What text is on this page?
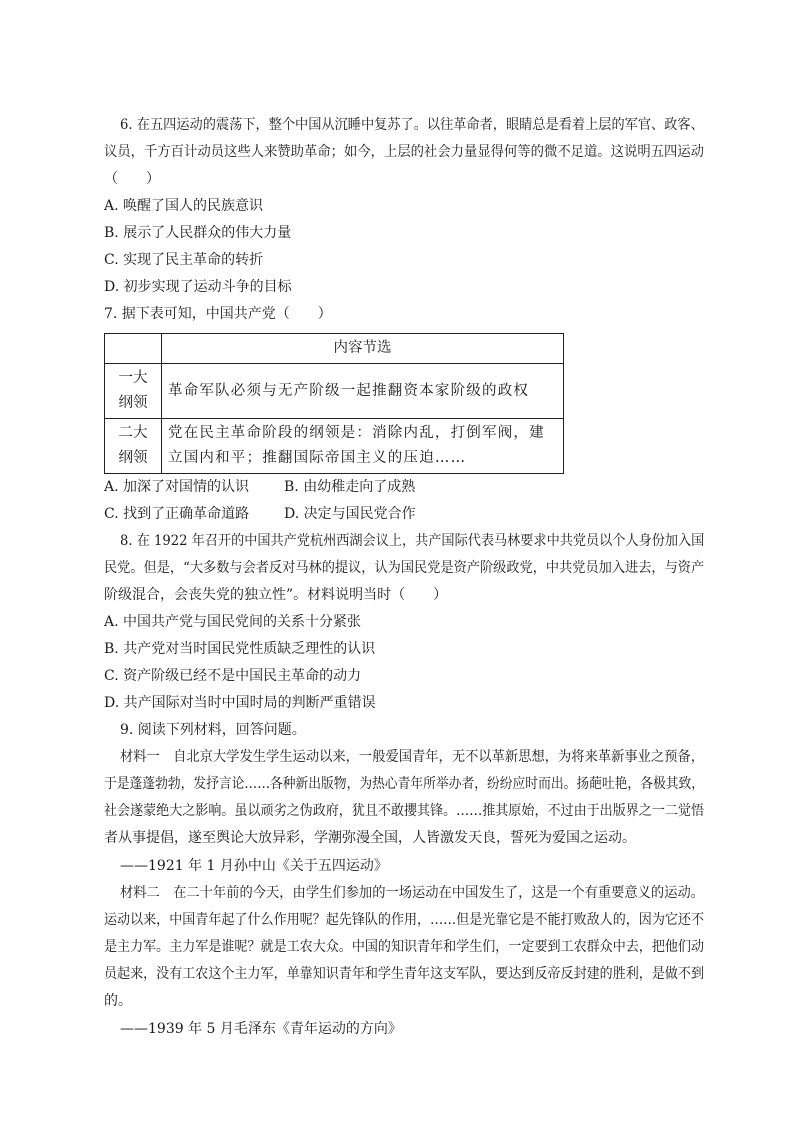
6. 在五四运动的震荡下，整个中国从沉睡中复苏了。以往革命者，眼睛总是看着上层的军官、政客、
议员，千方百计动员这些人来赞助革命；如今，上层的社会力量显得何等的微不足道。这说明五四运动
（　　）
A. 唤醒了国人的民族意识
B. 展示了人民群众的伟大力量
C. 实现了民主革命的转折
D. 初步实现了运动斗争的目标
7. 据下表可知，中国共产党（　　）
	内容节选
一大
纲领	革命军队必须与无产阶级一起推翻资本家阶级的政权
二大
纲领	党在民主革命阶段的纲领是：消除内乱，打倒军阀，建立国内和平；推翻国际帝国主义的压迫……
A. 加深了对国情的认识 B. 由幼稚走向了成熟
C. 找到了正确革命道路 D. 决定与国民党合作
8. 在 1922 年召开的中国共产党杭州西湖会议上，共产国际代表马林要求中共党员以个人身份加入国
民党。但是，“大多数与会者反对马林的提议，认为国民党是资产阶级政党，中共党员加入进去，与资产
阶级混合，会丧失党的独立性”。材料说明当时（　　）
A. 中国共产党与国民党间的关系十分紧张
B. 共产党对当时国民党性质缺乏理性的认识
C. 资产阶级已经不是中国民主革命的动力
D. 共产国际对当时中国时局的判断严重错误
9. 阅读下列材料，回答问题。
材料一　自北京大学发生学生运动以来，一般爱国青年，无不以革新思想，为将来革新事业之预备，
于是蓬蓬勃勃，发抒言论……各种新出版物，为热心青年所举办者，纷纷应时而出。扬葩吐艳，各极其致，
社会遂蒙绝大之影响。虽以顽劣之伪政府，犹且不敢攖其锋。……推其原始，不过由于出版界之一二觉悟
者从事提倡，遂至舆论大放异彩，学潮弥漫全国，人皆激发天良，誓死为爱国之运动。
——1921 年 1 月孙中山《关于五四运动》
材料二　在二十年前的今天，由学生们参加的一场运动在中国发生了，这是一个有重要意义的运动。
运动以来，中国青年起了什么作用呢？起先锋队的作用，……但是光靠它是不能打败敌人的，因为它还不
是主力军。主力军是谁呢？就是工农大众。中国的知识青年和学生们，一定要到工农群众中去，把他们动
员起来，没有工农这个主力军，单靠知识青年和学生青年这支军队，要达到反帝反封建的胜利，是做不到
的。
——1939 年 5 月毛泽东《青年运动的方向》
